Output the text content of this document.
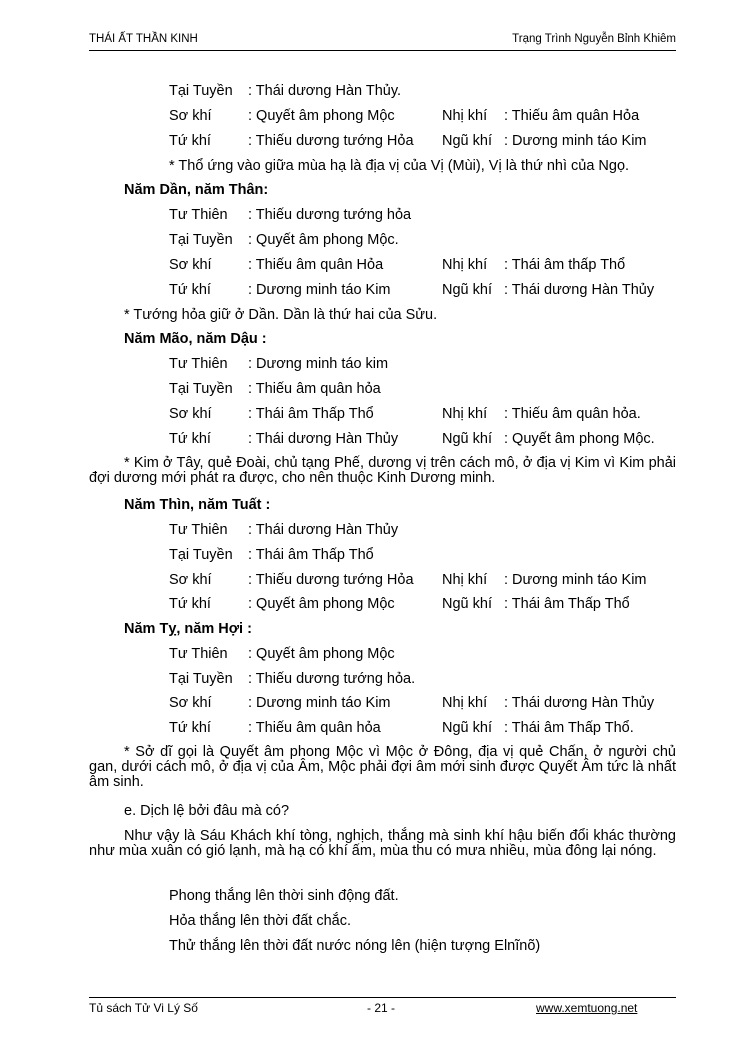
THÁI ẤT THẦN KINH	Trạng Trình Nguyễn Bỉnh Khiêm
Tại Tuyền : Thái dương Hàn Thủy.
Sơ khí	: Quyết âm phong Mộc	Nhị khí : Thiếu âm quân Hỏa
Tứ khí	: Thiếu dương tướng Hỏa Ngũ khí : Dương minh táo Kim
* Thổ ứng vào giữa mùa hạ là địa vị của Vị (Mùi), Vị là thứ nhì của Ngọ.
Năm Dần, năm Thân:
Tư Thiên : Thiếu dương tướng hỏa
Tại Tuyền : Quyết âm phong Mộc.
Sơ khí	: Thiếu âm quân Hỏa	Nhị khí : Thái âm thấp Thổ
Tứ khí	: Dương minh táo Kim	Ngũ khí : Thái dương Hàn Thủy
* Tướng hỏa giữ ở Dần. Dần là thứ hai của Sửu.
Năm Mão, năm Dậu :
Tư Thiên : Dương minh táo kim
Tại Tuyền : Thiếu âm quân hỏa
Sơ khí	: Thái âm Thấp Thổ	Nhị khí : Thiếu âm quân hỏa.
Tứ khí	: Thái dương Hàn Thủy	Ngũ khí : Quyết âm phong Mộc.
* Kim ở Tây, quẻ Đoài, chủ tạng Phế, dương vị trên cách mô, ở địa vị Kim vì Kim phải đợi dương mới phát ra được, cho nên thuộc Kinh Dương minh.
Năm Thìn, năm Tuất :
Tư Thiên : Thái dương Hàn Thủy
Tại Tuyền : Thái âm Thấp Thổ
Sơ khí	: Thiếu dương tướng Hỏa Nhị khí : Dương minh táo Kim
Tứ khí	: Quyết âm phong Mộc	Ngũ khí : Thái âm Thấp Thổ
Năm Tỵ, năm Hợi :
Tư Thiên : Quyết âm phong Mộc
Tại Tuyền : Thiếu dương tướng hỏa.
Sơ khí	: Dương minh táo Kim	Nhị khí : Thái dương Hàn Thủy
Tứ khí	: Thiếu âm quân hỏa	Ngũ khí : Thái âm Thấp Thổ.
* Sở dĩ gọi là Quyết âm phong Mộc vì Mộc ở Đông, địa vị quẻ Chấn, ở người chủ gan, dưới cách mô, ở địa vị của Âm, Mộc phải đợi âm mới sinh được Quyết Âm tức là nhất âm sinh.
e. Dịch lệ bởi đâu mà có?
Như vậy là Sáu Khách khí tòng, nghịch, thắng mà sinh khí hậu biến đổi khác thường như mùa xuân có gió lạnh, mà hạ có khí ấm, mùa thu có mưa nhiều, mùa đông lại nóng.
Phong thắng lên thời sinh động đất.
Hỏa thắng lên thời đất chắc.
Thử thắng lên thời đất nước nóng lên (hiện tượng Elnĩnõ)
Tủ sách Tử Vi Lý Số	- 21 -	www.xemtuong.net
